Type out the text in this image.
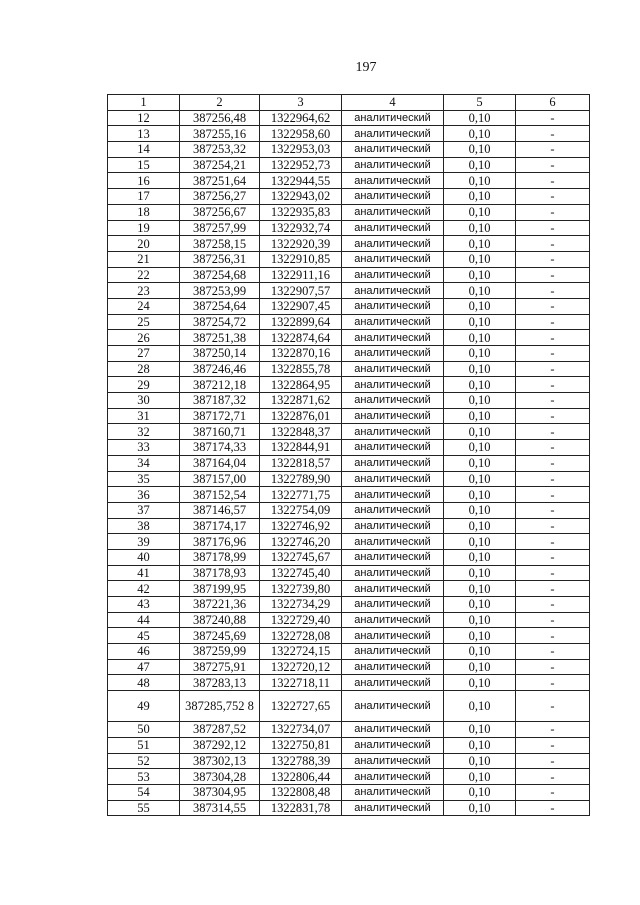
197
1	2	3	4	5	6
12	387256,48	1322964,62	аналитический	0,10	-
13	387255,16	1322958,60	аналитический	0,10	-
14	387253,32	1322953,03	аналитический	0,10	-
15	387254,21	1322952,73	аналитический	0,10	-
16	387251,64	1322944,55	аналитический	0,10	-
17	387256,27	1322943,02	аналитический	0,10	-
18	387256,67	1322935,83	аналитический	0,10	-
19	387257,99	1322932,74	аналитический	0,10	-
20	387258,15	1322920,39	аналитический	0,10	-
21	387256,31	1322910,85	аналитический	0,10	-
22	387254,68	1322911,16	аналитический	0,10	-
23	387253,99	1322907,57	аналитический	0,10	-
24	387254,64	1322907,45	аналитический	0,10	-
25	387254,72	1322899,64	аналитический	0,10	-
26	387251,38	1322874,64	аналитический	0,10	-
27	387250,14	1322870,16	аналитический	0,10	-
28	387246,46	1322855,78	аналитический	0,10	-
29	387212,18	1322864,95	аналитический	0,10	-
30	387187,32	1322871,62	аналитический	0,10	-
31	387172,71	1322876,01	аналитический	0,10	-
32	387160,71	1322848,37	аналитический	0,10	-
33	387174,33	1322844,91	аналитический	0,10	-
34	387164,04	1322818,57	аналитический	0,10	-
35	387157,00	1322789,90	аналитический	0,10	-
36	387152,54	1322771,75	аналитический	0,10	-
37	387146,57	1322754,09	аналитический	0,10	-
38	387174,17	1322746,92	аналитический	0,10	-
39	387176,96	1322746,20	аналитический	0,10	-
40	387178,99	1322745,67	аналитический	0,10	-
41	387178,93	1322745,40	аналитический	0,10	-
42	387199,95	1322739,80	аналитический	0,10	-
43	387221,36	1322734,29	аналитический	0,10	-
44	387240,88	1322729,40	аналитический	0,10	-
45	387245,69	1322728,08	аналитический	0,10	-
46	387259,99	1322724,15	аналитический	0,10	-
47	387275,91	1322720,12	аналитический	0,10	-
48	387283,13	1322718,11	аналитический	0,10	-
49	387285,752 8	1322727,65	аналитический	0,10	-
50	387287,52	1322734,07	аналитический	0,10	-
51	387292,12	1322750,81	аналитический	0,10	-
52	387302,13	1322788,39	аналитический	0,10	-
53	387304,28	1322806,44	аналитический	0,10	-
54	387304,95	1322808,48	аналитический	0,10	-
55	387314,55	1322831,78	аналитический	0,10	-
